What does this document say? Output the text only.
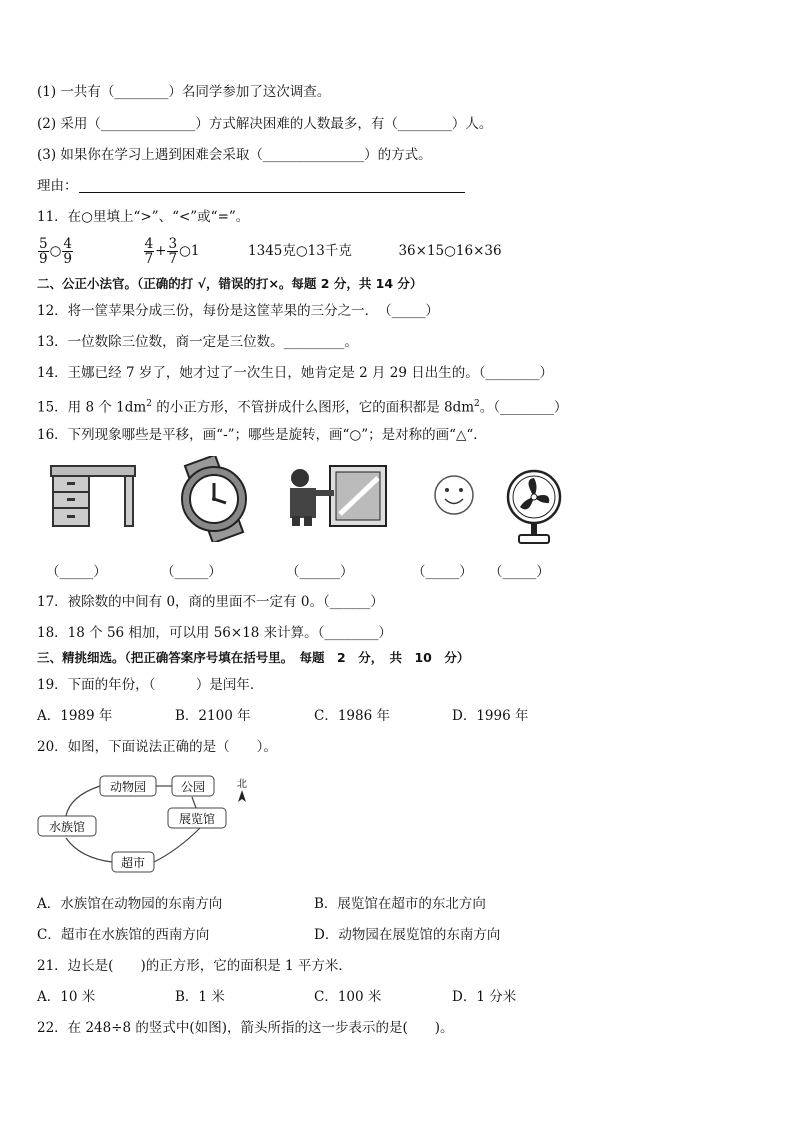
(1) 一共有（________）名同学参加了这次调查。
(2) 采用（______________）方式解决困难的人数最多，有（________）人。
(3) 如果你在学习上遇到困难会采取（_______________）的方式。
理由：
11．在○里填上“>”、“<”或“=”。
$\frac{5}{9}$ ○ $\frac{4}{9}$
	$\frac{4}{7} + \frac{3}{7}$ ○1	1345克○13千克	36×15○16×36
二、公正小法官。（正确的打 √，错误的打×。每题 2 分，共 14 分）
12．将一筐苹果分成三份，每份是这筐苹果的三分之一．　（_____）
13．一位数除三位数，商一定是三位数。_________。
14．王娜已经 7 岁了，她才过了一次生日，她肯定是 2 月 29 日出生的。（________）
15．用 8 个 $1dm^2$ 的小正方形，不管拼成什么图形，它的面积都是 $8dm^2$。（________）
16．下列现象哪些是平移，画“-”；哪些是旋转，画“○”；是对称的画“△“．
（_____）	（_____）	（______）	（_____） （_____）
17．被除数的中间有 0，商的里面不一定有 0。（______）
18．18 个 56 相加，可以用 56×18 来计算。（________）
三、精挑细选。（把正确答案序号填在括号里。　每题　2　分，　共　10　分）
19．下面的年份，（　　　）是闰年．
A．1989 年	B．2100 年	C．1986 年	D．1996 年
20．如图，下面说法正确的是（　　）。
动物园	公园
展览馆
水族馆
超市
北
A．水族馆在动物园的东南方向	B．展览馆在超市的东北方向
C．超市在水族馆的西南方向	D．动物园在展览馆的东南方向
21．边长是(　　)的正方形，它的面积是 1 平方米．
A．10 米	B．1 米	C．100 米	D．1 分米
22．在 248÷8 的竖式中(如图)，箭头所指的这一步表示的是(　　)。
